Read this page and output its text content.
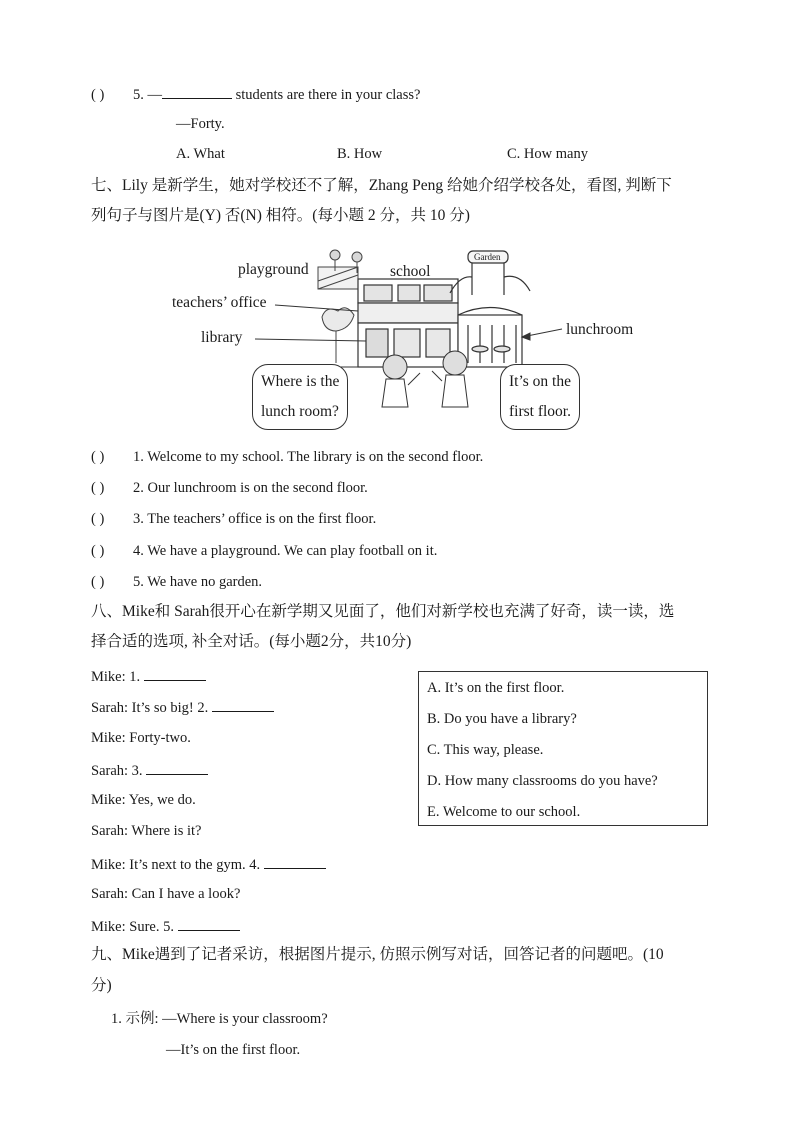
( ) 5. —	students are there in your class?
—Forty.
A. What	B. How	C. How many
七、Lily 是新学生，她对学校还不了解，Zhang Peng 给她介绍学校各处，看图, 判断下
列句子与图片是(Y) 否(N) 相符。(每小题 2 分，共 10 分)
playground	school
Garden
teachers’ office
library	lunchroom
Where is the
lunch room?
It’s on the
first floor.
( ) 1. Welcome to my school. The library is on the second floor.
( ) 2. Our lunchroom is on the second floor.
( ) 3. The teachers’ office is on the first floor.
( ) 4. We have a playground. We can play football on it.
( ) 5. We have no garden.
八、Mike和 Sarah很开心在新学期又见面了，他们对新学校也充满了好奇，读一读，选
择合适的选项, 补全对话。(每小题2分，共10分)
Mike: 1.
Sarah: It’s so big! 2.
Mike: Forty-two.
Sarah: 3.
Mike: Yes, we do.
Sarah: Where is it?
Mike: It’s next to the gym. 4.
Sarah: Can I have a look?
Mike: Sure. 5.
A. It’s on the first floor.
B. Do you have a library?
C. This way, please.
D. How many classrooms do you have?
E. Welcome to our school.
九、Mike遇到了记者采访，根据图片提示, 仿照示例写对话，回答记者的问题吧。(10
分)
1. 示例: —Where is your classroom?
—It’s on the first floor.
